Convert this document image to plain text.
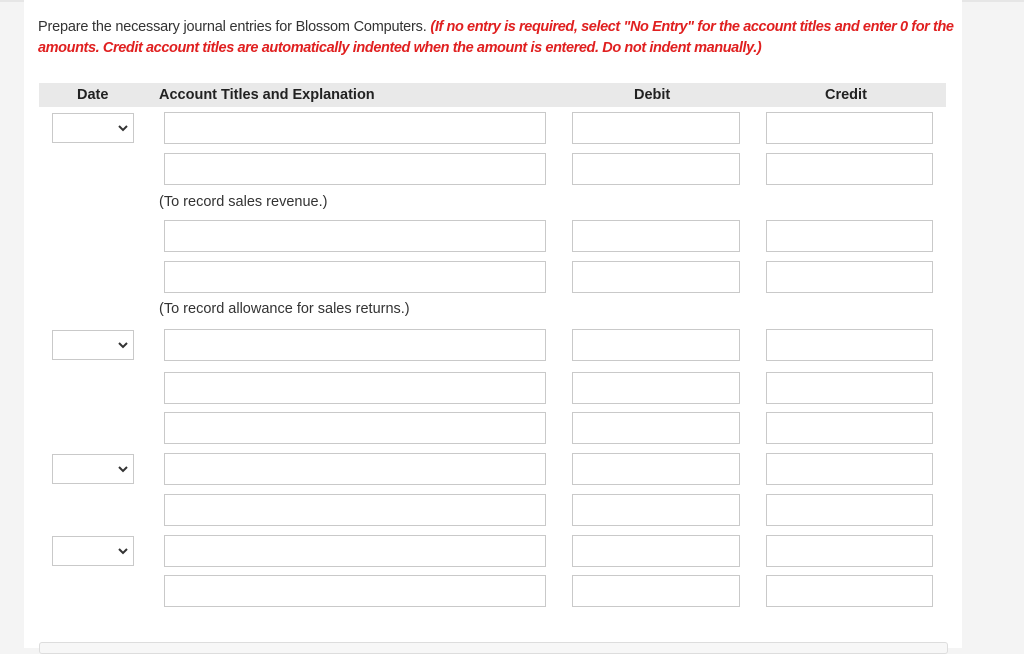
Prepare the necessary journal entries for Blossom Computers. (If no entry is required, select "No Entry" for the account titles and enter 0 for the amounts. Credit account titles are automatically indented when the amount is entered. Do not indent manually.)
Date	Account Titles and Explanation	Debit	Credit
(To record sales revenue.)
(To record allowance for sales returns.)
